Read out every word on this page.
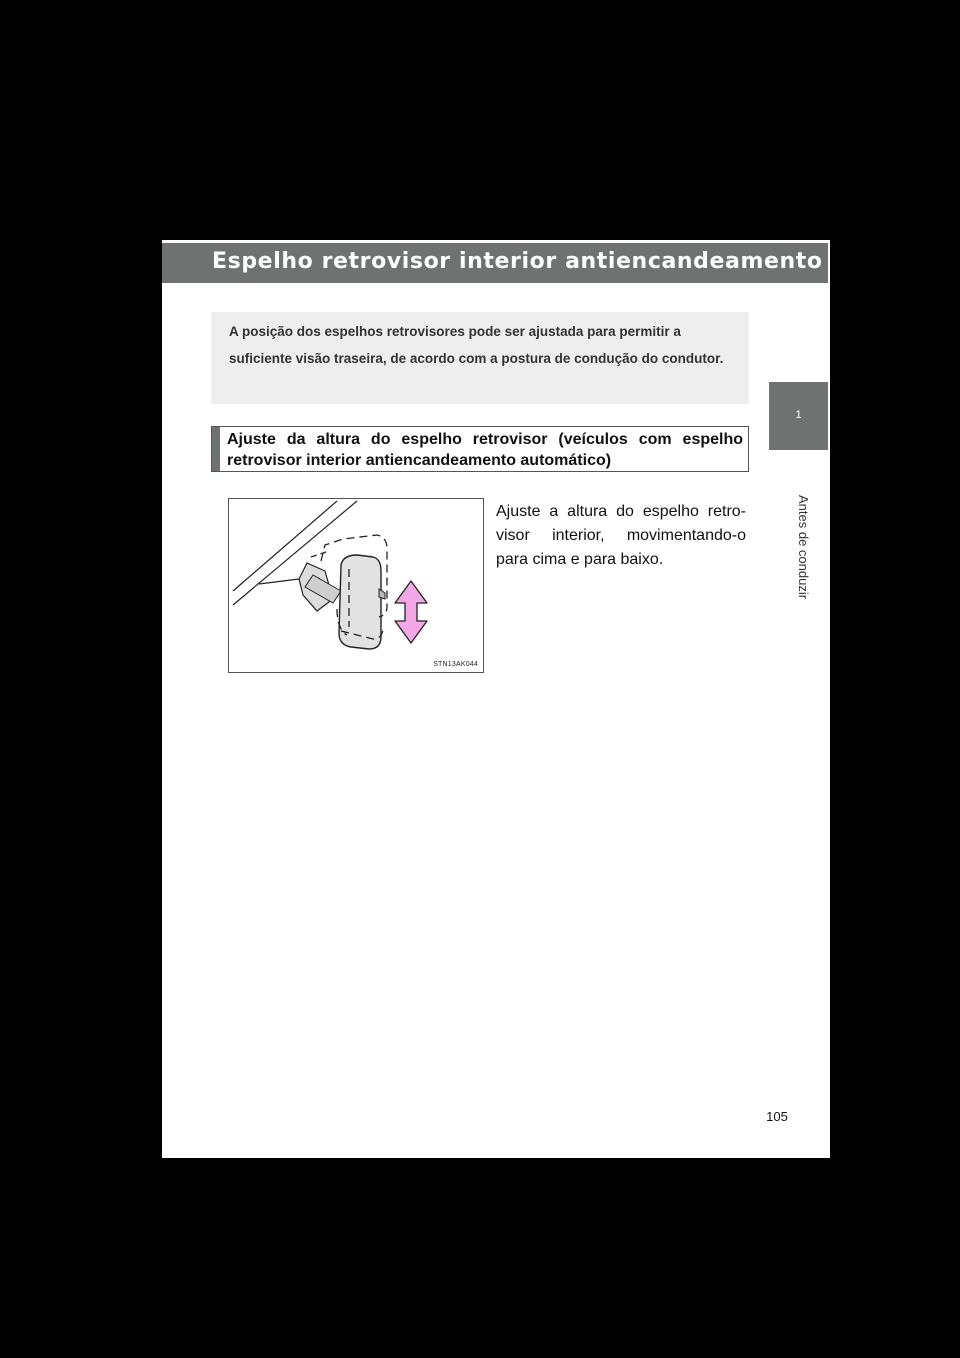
Espelho retrovisor interior antiencandeamento
1
Antes de conduzir
A posição dos espelhos retrovisores pode ser ajustada para permitir a suficiente visão traseira, de acordo com a postura de condução do condutor.
Ajuste da altura do espelho retrovisor (veículos com espelho retrovisor interior antiencandeamento automático)
STN13AK044
Ajuste a altura do espelho retro-visor interior, movimentando-o para cima e para baixo.
105
